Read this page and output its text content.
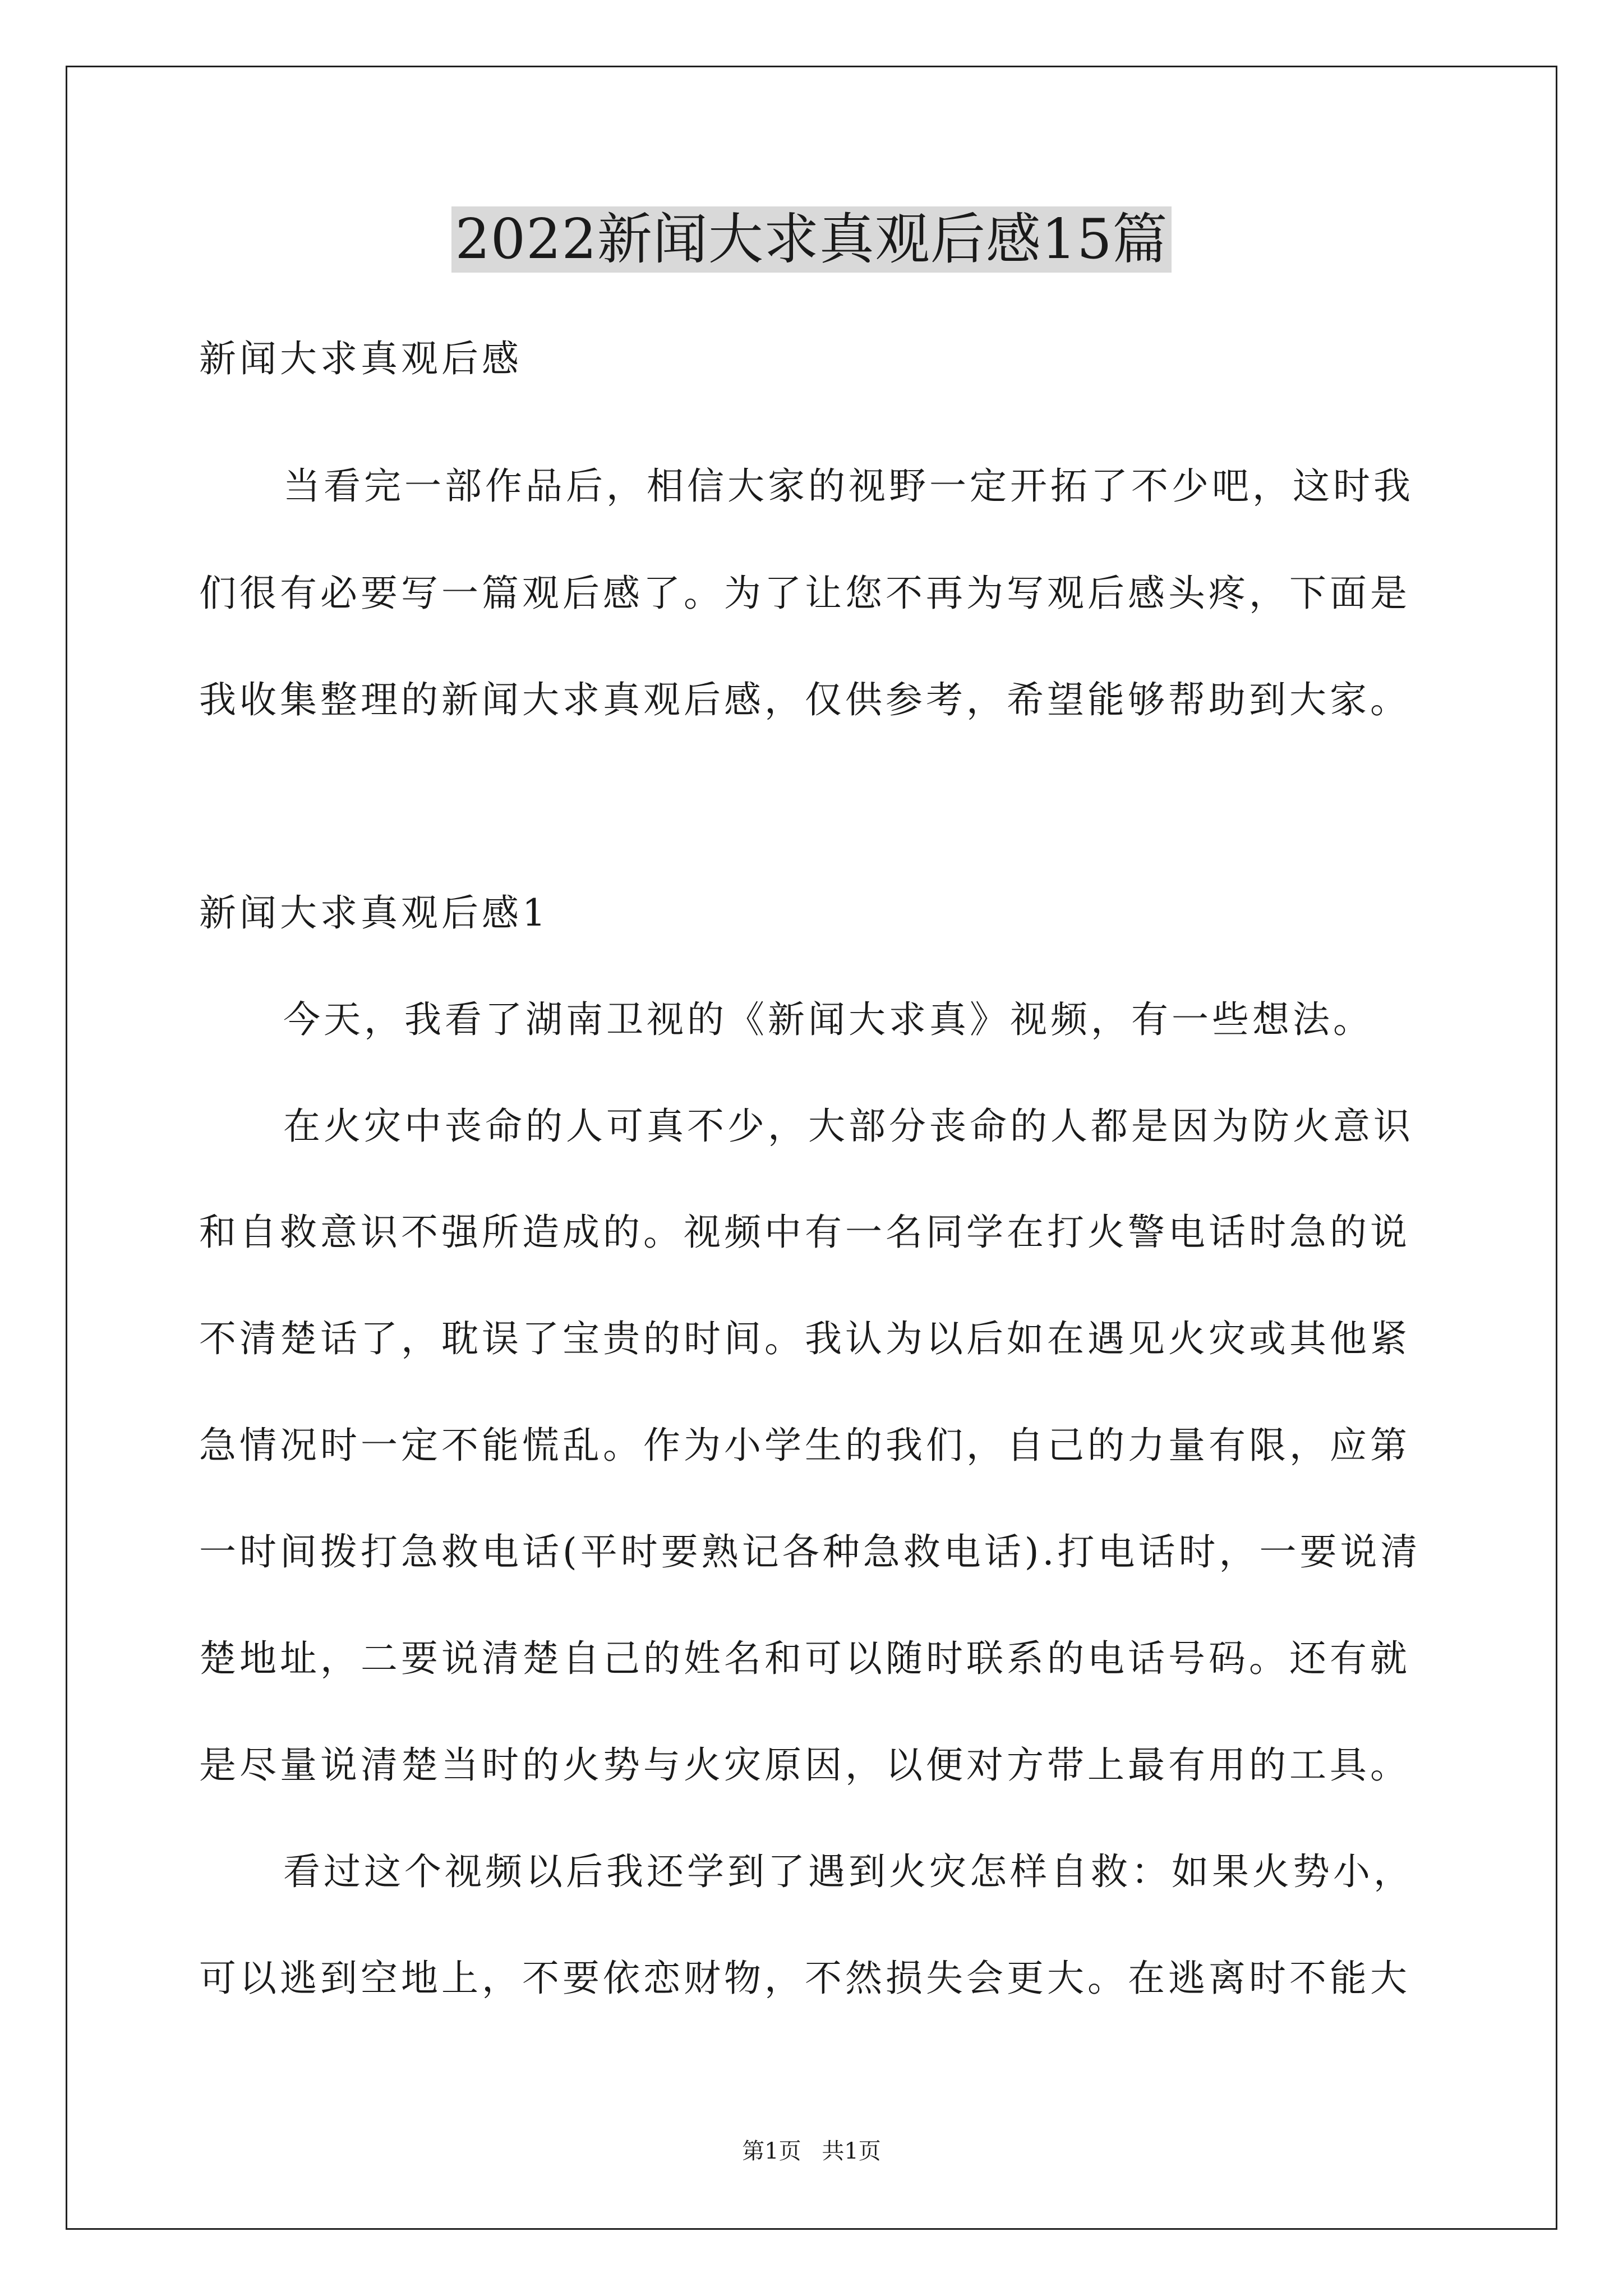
2022新闻大求真观后感15篇
新闻大求真观后感
当看完一部作品后，相信大家的视野一定开拓了不少吧，这时我
们很有必要写一篇观后感了。为了让您不再为写观后感头疼，下面是
我收集整理的新闻大求真观后感，仅供参考，希望能够帮助到大家。
新闻大求真观后感1
今天，我看了湖南卫视的《新闻大求真》视频，有一些想法。
在火灾中丧命的人可真不少，大部分丧命的人都是因为防火意识
和自救意识不强所造成的。视频中有一名同学在打火警电话时急的说
不清楚话了，耽误了宝贵的时间。我认为以后如在遇见火灾或其他紧
急情况时一定不能慌乱。作为小学生的我们，自己的力量有限，应第
一时间拨打急救电话(平时要熟记各种急救电话).打电话时，一要说清
楚地址，二要说清楚自己的姓名和可以随时联系的电话号码。还有就
是尽量说清楚当时的火势与火灾原因，以便对方带上最有用的工具。
看过这个视频以后我还学到了遇到火灾怎样自救：如果火势小，
可以逃到空地上，不要依恋财物，不然损失会更大。在逃离时不能大
第1页 共1页
